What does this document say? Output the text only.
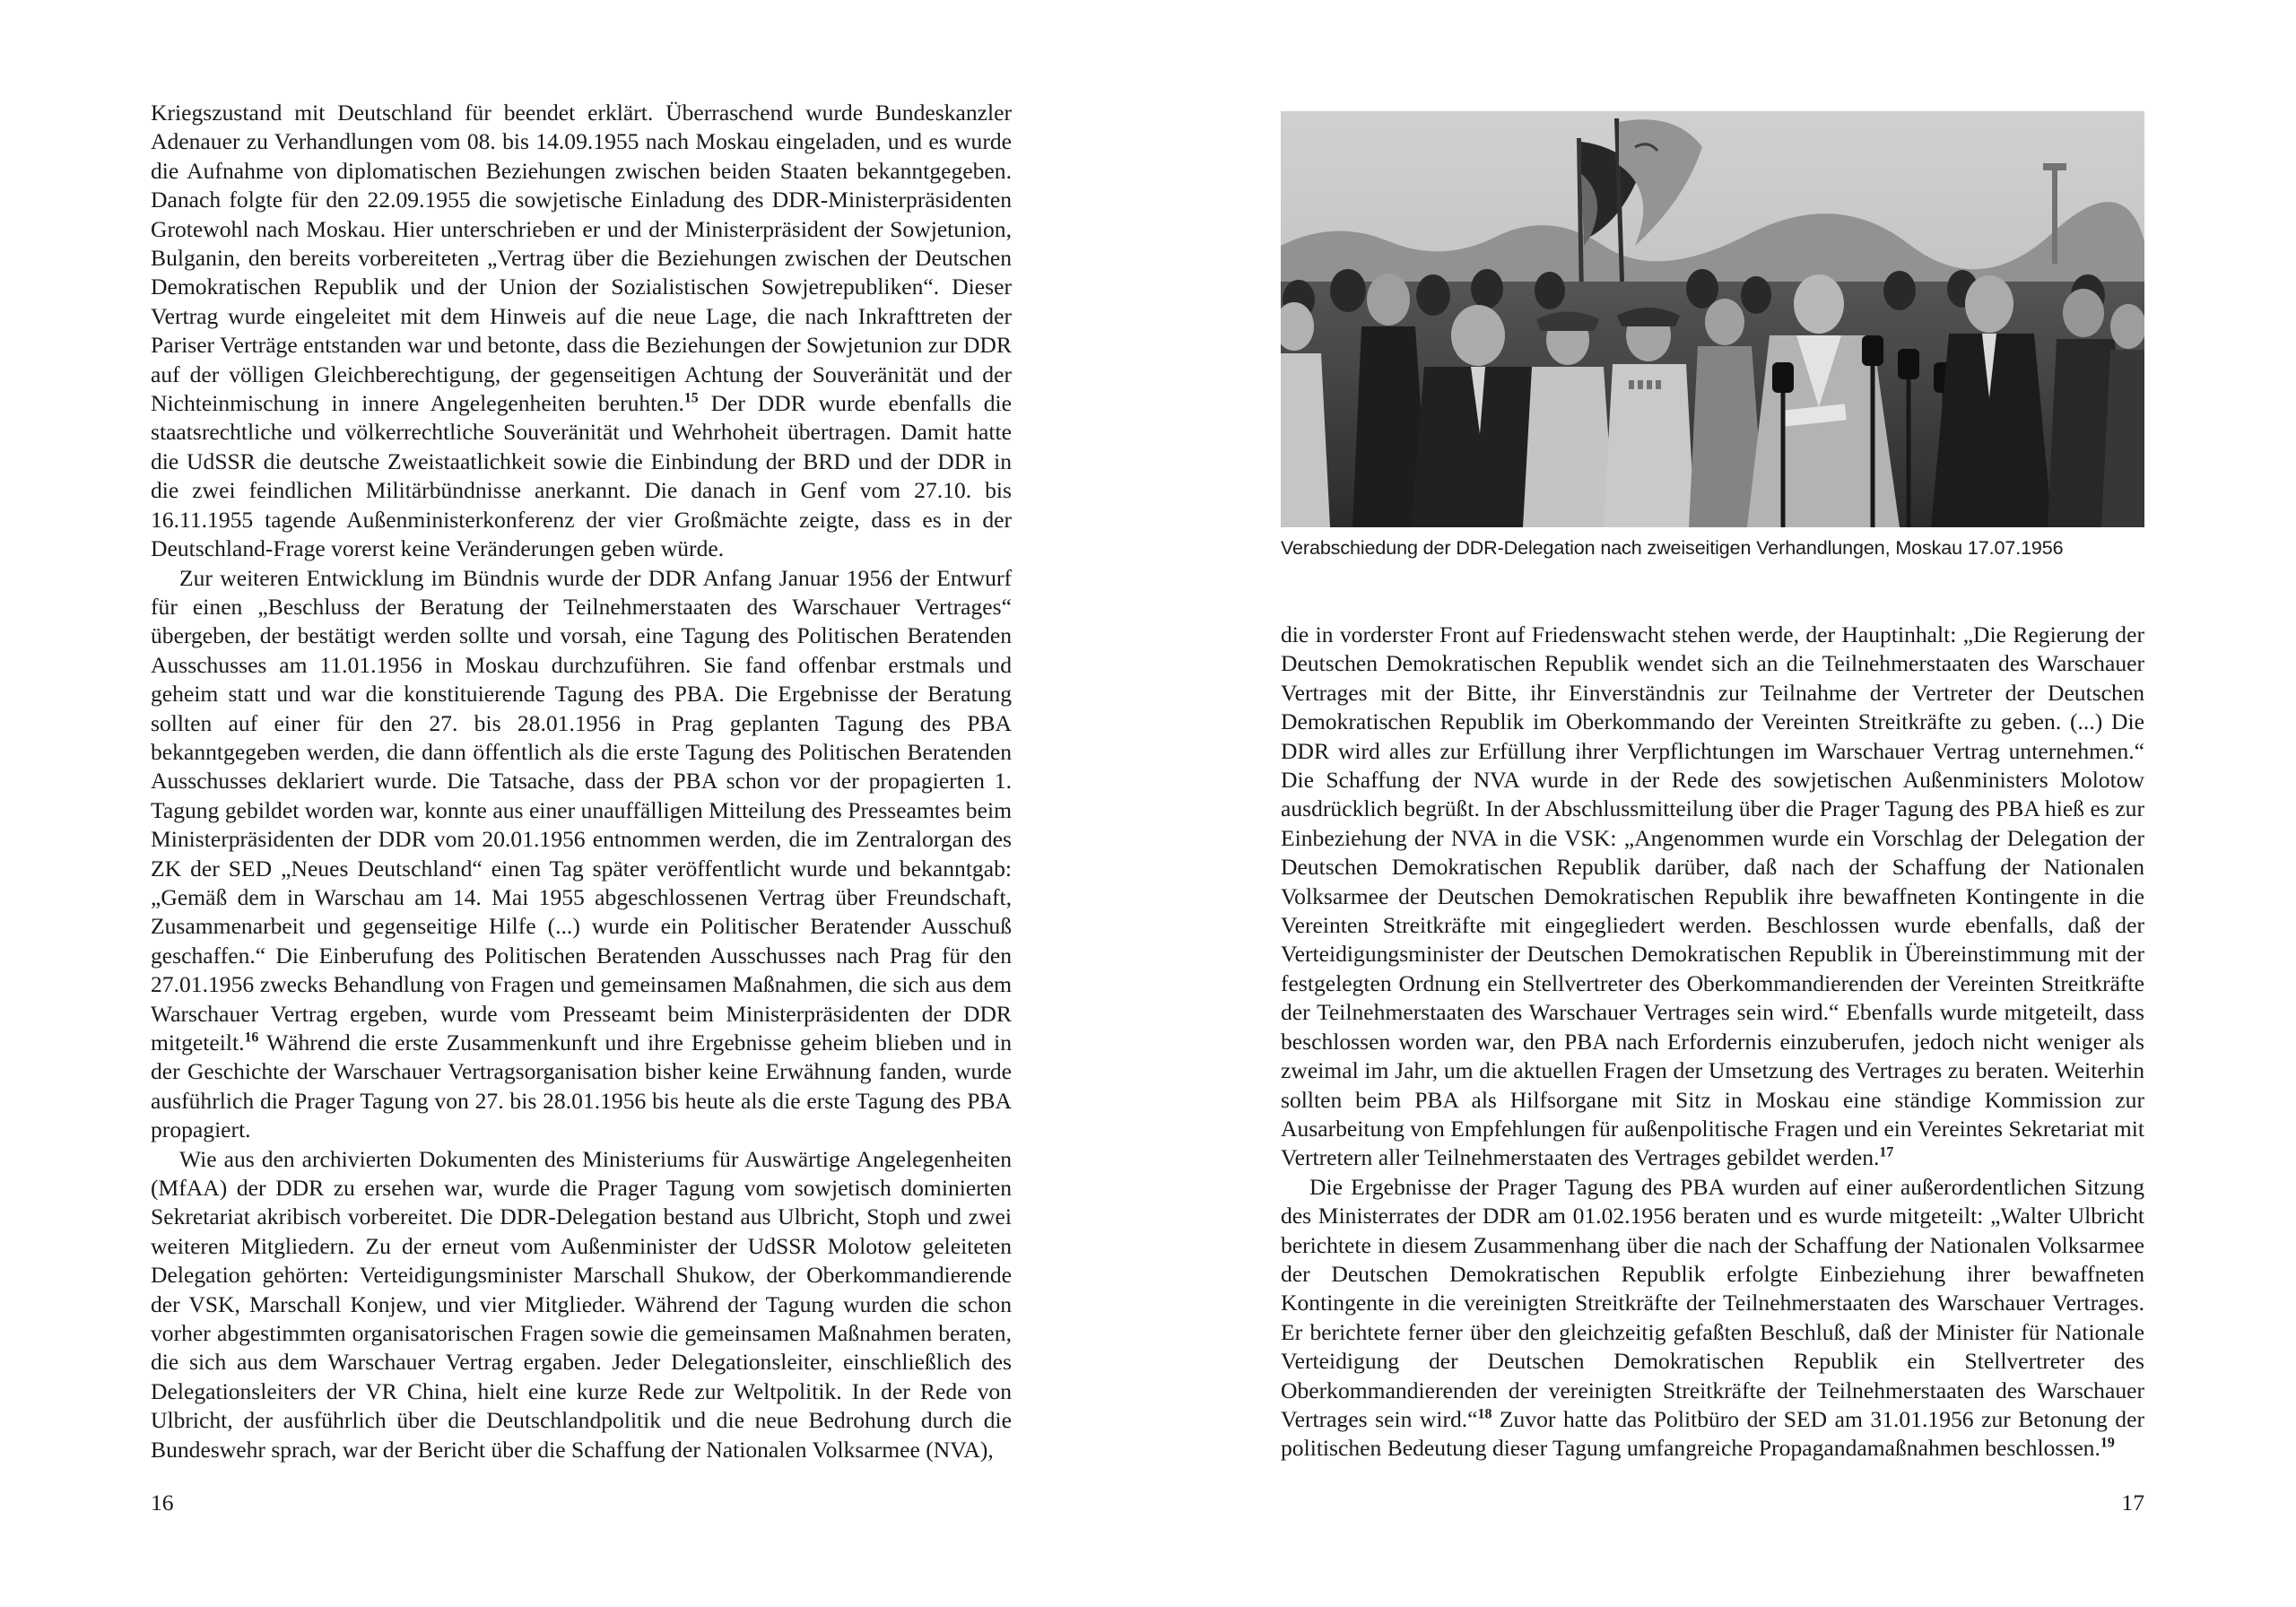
Kriegszustand mit Deutschland für beendet erklärt. Überraschend wurde Bundeskanzler Adenauer zu Verhandlungen vom 08. bis 14.09.1955 nach Moskau eingeladen, und es wurde die Aufnahme von diplomatischen Beziehungen zwischen beiden Staaten bekanntgegeben. Danach folgte für den 22.09.1955 die sowjetische Einladung des DDR-Ministerpräsidenten Grotewohl nach Moskau. Hier unterschrieben er und der Ministerpräsident der Sowjetunion, Bulganin, den bereits vorbereiteten „Vertrag über die Beziehungen zwischen der Deutschen Demokratischen Republik und der Union der Sozialistischen Sowjetrepubliken“. Dieser Vertrag wurde eingeleitet mit dem Hinweis auf die neue Lage, die nach Inkrafttreten der Pariser Verträge entstanden war und betonte, dass die Beziehungen der Sowjetunion zur DDR auf der völligen Gleichberechtigung, der gegenseitigen Achtung der Souveränität und der Nichteinmischung in innere Angelegenheiten beruhten.$^{15}$ Der DDR wurde ebenfalls die staatsrechtliche und völkerrechtliche Souveränität und Wehrhoheit übertragen. Damit hatte die UdSSR die deutsche Zweistaatlichkeit sowie die Einbindung der BRD und der DDR in die zwei feindlichen Militärbündnisse anerkannt. Die danach in Genf vom 27.10. bis 16.11.1955 tagende Außenministerkonferenz der vier Großmächte zeigte, dass es in der Deutschland-Frage vorerst keine Veränderungen geben würde.

Zur weiteren Entwicklung im Bündnis wurde der DDR Anfang Januar 1956 der Entwurf für einen „Beschluss der Beratung der Teilnehmerstaaten des Warschauer Vertrages“ übergeben, der bestätigt werden sollte und vorsah, eine Tagung des Politischen Beratenden Ausschusses am 11.01.1956 in Moskau durchzuführen. Sie fand offenbar erstmals und geheim statt und war die konstituierende Tagung des PBA. Die Ergebnisse der Beratung sollten auf einer für den 27. bis 28.01.1956 in Prag geplanten Tagung des PBA bekanntgegeben werden, die dann öffentlich als die erste Tagung des Politischen Beratenden Ausschusses deklariert wurde. Die Tatsache, dass der PBA schon vor der propagierten 1. Tagung gebildet worden war, konnte aus einer unauffälligen Mitteilung des Presseamtes beim Ministerpräsidenten der DDR vom 20.01.1956 entnommen werden, die im Zentralorgan des ZK der SED „Neues Deutschland“ einen Tag später veröffentlicht wurde und bekanntgab: „Gemäß dem in Warschau am 14. Mai 1955 abgeschlossenen Vertrag über Freundschaft, Zusammenarbeit und gegenseitige Hilfe (...) wurde ein Politischer Beratender Ausschuß geschaffen.“ Die Einberufung des Politischen Beratenden Ausschusses nach Prag für den 27.01.1956 zwecks Behandlung von Fragen und gemeinsamen Maßnahmen, die sich aus dem Warschauer Vertrag ergeben, wurde vom Presseamt beim Ministerpräsidenten der DDR mitgeteilt.$^{16}$ Während die erste Zusammenkunft und ihre Ergebnisse geheim blieben und in der Geschichte der Warschauer Vertragsorganisation bisher keine Erwähnung fanden, wurde ausführlich die Prager Tagung von 27. bis 28.01.1956 bis heute als die erste Tagung des PBA propagiert.

Wie aus den archivierten Dokumenten des Ministeriums für Auswärtige Angelegenheiten (MfAA) der DDR zu ersehen war, wurde die Prager Tagung vom sowjetisch dominierten Sekretariat akribisch vorbereitet. Die DDR-Delegation bestand aus Ulbricht, Stoph und zwei weiteren Mitgliedern. Zu der erneut vom Außenminister der UdSSR Molotow geleiteten Delegation gehörten: Verteidigungsminister Marschall Shukow, der Oberkommandierende der VSK, Marschall Konjew, und vier Mitglieder. Während der Tagung wurden die schon vorher abgestimmten organisatorischen Fragen sowie die gemeinsamen Maßnahmen beraten, die sich aus dem Warschauer Vertrag ergaben. Jeder Delegationsleiter, einschließlich des Delegationsleiters der VR China, hielt eine kurze Rede zur Weltpolitik. In der Rede von Ulbricht, der ausführlich über die Deutschlandpolitik und die neue Bedrohung durch die Bundeswehr sprach, war der Bericht über die Schaffung der Nationalen Volksarmee (NVA),

16
Verabschiedung der DDR-Delegation nach zweiseitigen Verhandlungen, Moskau 17.07.1956

die in vorderster Front auf Friedenswacht stehen werde, der Hauptinhalt: „Die Regierung der Deutschen Demokratischen Republik wendet sich an die Teilnehmerstaaten des Warschauer Vertrages mit der Bitte, ihr Einverständnis zur Teilnahme der Vertreter der Deutschen Demokratischen Republik im Oberkommando der Vereinten Streitkräfte zu geben. (...) Die DDR wird alles zur Erfüllung ihrer Verpflichtungen im Warschauer Vertrag unternehmen.“ Die Schaffung der NVA wurde in der Rede des sowjetischen Außenministers Molotow ausdrücklich begrüßt. In der Abschlussmitteilung über die Prager Tagung des PBA hieß es zur Einbeziehung der NVA in die VSK: „Angenommen wurde ein Vorschlag der Delegation der Deutschen Demokratischen Republik darüber, daß nach der Schaffung der Nationalen Volksarmee der Deutschen Demokratischen Republik ihre bewaffneten Kontingente in die Vereinten Streitkräfte mit eingegliedert werden. Beschlossen wurde ebenfalls, daß der Verteidigungsminister der Deutschen Demokratischen Republik in Übereinstimmung mit der festgelegten Ordnung ein Stellvertreter des Oberkommandierenden der Vereinten Streitkräfte der Teilnehmerstaaten des Warschauer Vertrages sein wird.“ Ebenfalls wurde mitgeteilt, dass beschlossen worden war, den PBA nach Erfordernis einzuberufen, jedoch nicht weniger als zweimal im Jahr, um die aktuellen Fragen der Umsetzung des Vertrages zu beraten. Weiterhin sollten beim PBA als Hilfsorgane mit Sitz in Moskau eine ständige Kommission zur Ausarbeitung von Empfehlungen für außenpolitische Fragen und ein Vereintes Sekretariat mit Vertretern aller Teilnehmerstaaten des Vertrages gebildet werden.$^{17}$

Die Ergebnisse der Prager Tagung des PBA wurden auf einer außerordentlichen Sitzung des Ministerrates der DDR am 01.02.1956 beraten und es wurde mitgeteilt: „Walter Ulbricht berichtete in diesem Zusammenhang über die nach der Schaffung der Nationalen Volksarmee der Deutschen Demokratischen Republik erfolgte Einbeziehung ihrer bewaffneten Kontingente in die vereinigten Streitkräfte der Teilnehmerstaaten des Warschauer Vertrages. Er berichtete ferner über den gleichzeitig gefaßten Beschluß, daß der Minister für Nationale Verteidigung der Deutschen Demokratischen Republik ein Stellvertreter des Oberkommandierenden der vereinigten Streitkräfte der Teilnehmerstaaten des Warschauer Vertrages sein wird.“$^{18}$ Zuvor hatte das Politbüro der SED am 31.01.1956 zur Betonung der politischen Bedeutung dieser Tagung umfangreiche Propagandamaßnahmen beschlossen.$^{19}$

17
